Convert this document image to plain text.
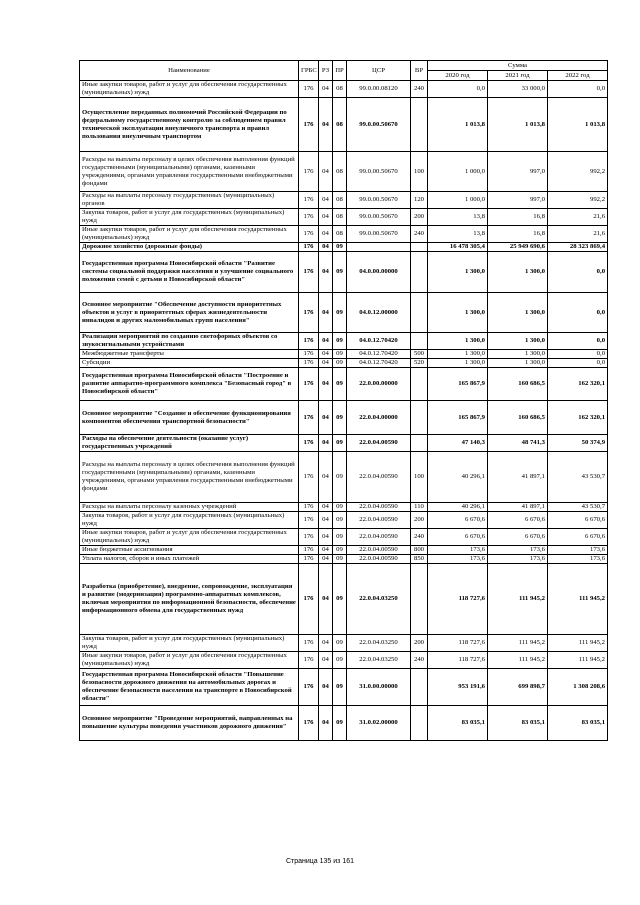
Наименование	ГРБС	РЗ	ПР	ЦСР	ВР	Сумма		
						2020 год	2021 год	2022 год
Иные закупки товаров, работ и услуг для обеспечения государственных (муниципальных) нужд	176	04	08	99.0.00.08120	240	0,0	33 000,0	0,0
Осуществление переданных полномочий Российской Федерации по федеральному государственному контролю за соблюдением правил технической эксплуатации внеуличного транспорта и правил пользования внеуличным транспортом	176	04	08	99.0.00.50670		1 013,8	1 013,8	1 013,8
Расходы на выплаты персоналу в целях обеспечения выполнения функций государственными (муниципальными) органами, казенными учреждениями, органами управления государственными внебюджетными фондами	176	04	08	99.0.00.50670	100	1 000,0	997,0	992,2
Расходы на выплаты персоналу государственных (муниципальных) органов	176	04	08	99.0.00.50670	120	1 000,0	997,0	992,2
Закупка товаров, работ и услуг для государственных (муниципальных) нужд	176	04	08	99.0.00.50670	200	13,8	16,8	21,6
Иные закупки товаров, работ и услуг для обеспечения государственных (муниципальных) нужд	176	04	08	99.0.00.50670	240	13,8	16,8	21,6
Дорожное хозяйство (дорожные фонды)	176	04	09			16 478 305,4	25 949 690,6	28 323 869,4
Государственная программа Новосибирской области "Развитие системы социальной поддержки населения и улучшение социального положения семей с детьми в Новосибирской области"	176	04	09	04.0.00.00000		1 300,0	1 300,0	0,0
Основное мероприятие "Обеспечение доступности приоритетных объектов и услуг в приоритетных сферах жизнедеятельности инвалидов и других маломобильных групп населения"	176	04	09	04.0.12.00000		1 300,0	1 300,0	0,0
Реализация мероприятий по созданию светофорных объектов со звукосигнальными устройствами	176	04	09	04.0.12.70420		1 300,0	1 300,0	0,0
Межбюджетные трансферты	176	04	09	04.0.12.70420	500	1 300,0	1 300,0	0,0
Субсидии	176	04	09	04.0.12.70420	520	1 300,0	1 300,0	0,0
Государственная программа Новосибирской области "Построение и развитие аппаратно-программного комплекса "Безопасный город" в Новосибирской области"	176	04	09	22.0.00.00000		165 867,9	160 686,5	162 320,1
Основное мероприятие "Создание и обеспечение функционирования компонентов обеспечения транспортной безопасности"	176	04	09	22.0.04.00000		165 867,9	160 686,5	162 320,1
Расходы на обеспечение деятельности (оказание услуг) государственных учреждений	176	04	09	22.0.04.00590		47 140,3	48 741,3	50 374,9
Расходы на выплаты персоналу в целях обеспечения выполнения функций государственными (муниципальными) органами, казенными учреждениями, органами управления государственными внебюджетными фондами	176	04	09	22.0.04.00590	100	40 296,1	41 897,1	43 530,7
Расходы на выплаты персоналу казенных учреждений	176	04	09	22.0.04.00590	110	40 296,1	41 897,1	43 530,7
Закупка товаров, работ и услуг для государственных (муниципальных) нужд	176	04	09	22.0.04.00590	200	6 670,6	6 670,6	6 670,6
Иные закупки товаров, работ и услуг для обеспечения государственных (муниципальных) нужд	176	04	09	22.0.04.00590	240	6 670,6	6 670,6	6 670,6
Иные бюджетные ассигнования	176	04	09	22.0.04.00590	800	173,6	173,6	173,6
Уплата налогов, сборов и иных платежей	176	04	09	22.0.04.00590	850	173,6	173,6	173,6
Разработка (приобретение), внедрение, сопровождение, эксплуатация и развитие (модернизация) программно-аппаратных комплексов, включая мероприятия по информационной безопасности, обеспечение информационного обмена для государственных нужд	176	04	09	22.0.04.03250		118 727,6	111 945,2	111 945,2
Закупка товаров, работ и услуг для государственных (муниципальных) нужд	176	04	09	22.0.04.03250	200	118 727,6	111 945,2	111 945,2
Иные закупки товаров, работ и услуг для обеспечения государственных (муниципальных) нужд	176	04	09	22.0.04.03250	240	118 727,6	111 945,2	111 945,2
Государственная программа Новосибирской области "Повышение безопасности дорожного движения на автомобильных дорогах и обеспечение безопасности населения на транспорте в Новосибирской области"	176	04	09	31.0.00.00000		953 191,6	699 898,7	1 308 208,6
Основное мероприятие "Проведение мероприятий, направленных на повышение культуры поведения участников дорожного движения"	176	04	09	31.0.02.00000		83 035,1	83 035,1	83 035,1
Страница 135 из 161
